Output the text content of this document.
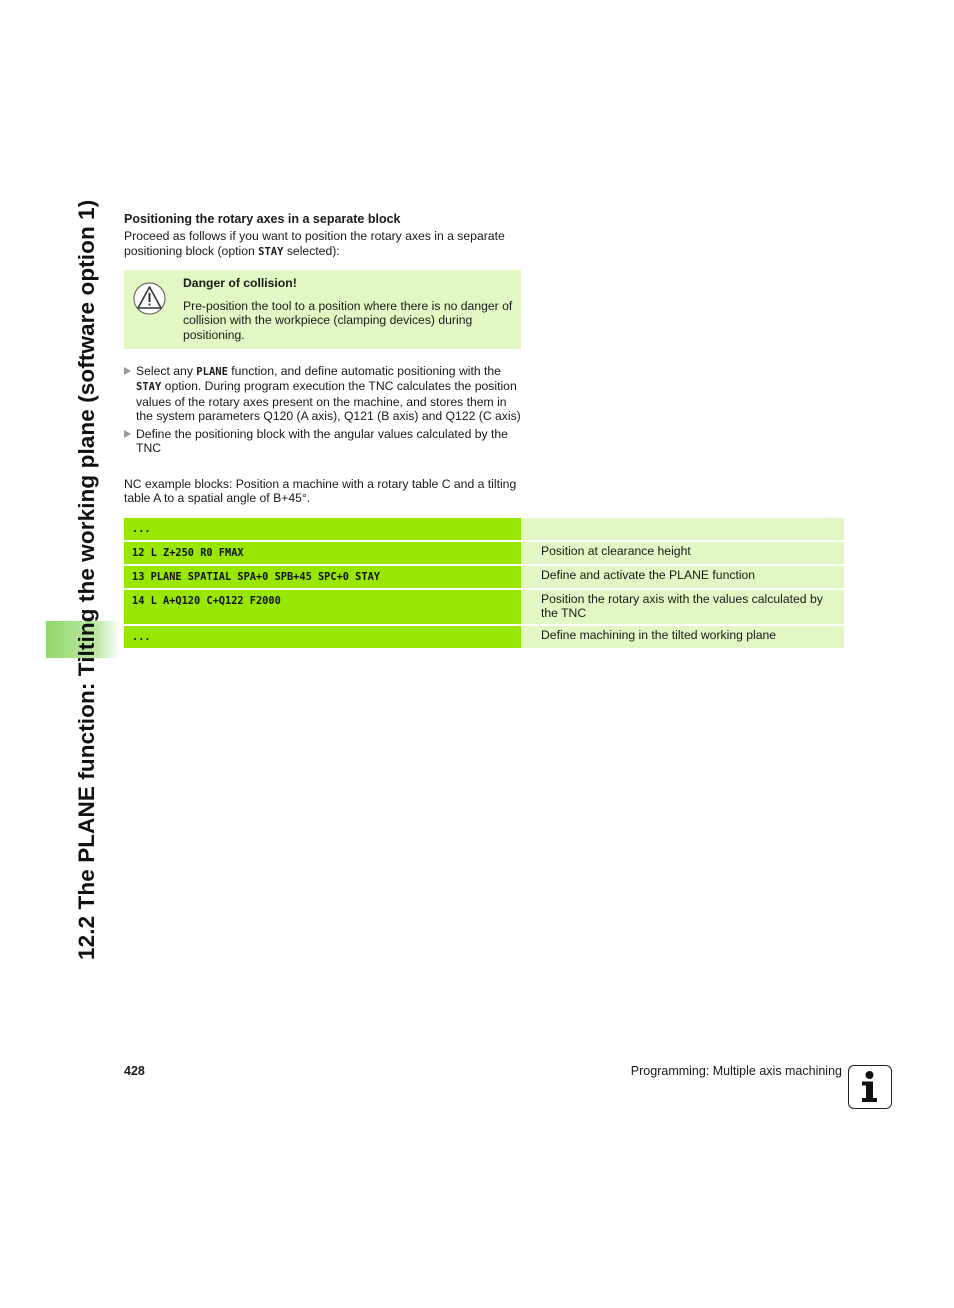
12.2 The PLANE function: Tilting the working plane (software option 1) Positioning the rotary axes in a separate block

Proceed as follows if you want to position the rotary axes in a separate positioning block (option STAY selected):

Danger of collision!
Pre-position the tool to a position where there is no danger of collision with the workpiece (clamping devices) during positioning.
Select any PLANE function, and define automatic positioning with the STAY option. During program execution the TNC calculates the position values of the rotary axes present on the machine, and stores them in the system parameters Q120 (A axis), Q121 (B axis) and Q122 (C axis)
Define the positioning block with the angular values calculated by the TNC
NC example blocks: Position a machine with a rotary table C and a tilting table A to a spatial angle of B+45°.
...
12 L Z+250 R0 FMAX	Position at clearance height
13 PLANE SPATIAL SPA+0 SPB+45 SPC+0 STAY	Define and activate the PLANE function
14 L A+Q120 C+Q122 F2000	Position the rotary axis with the values calculated by the TNC
...	Define machining in the tilted working plane
428	Programming: Multiple axis machining
